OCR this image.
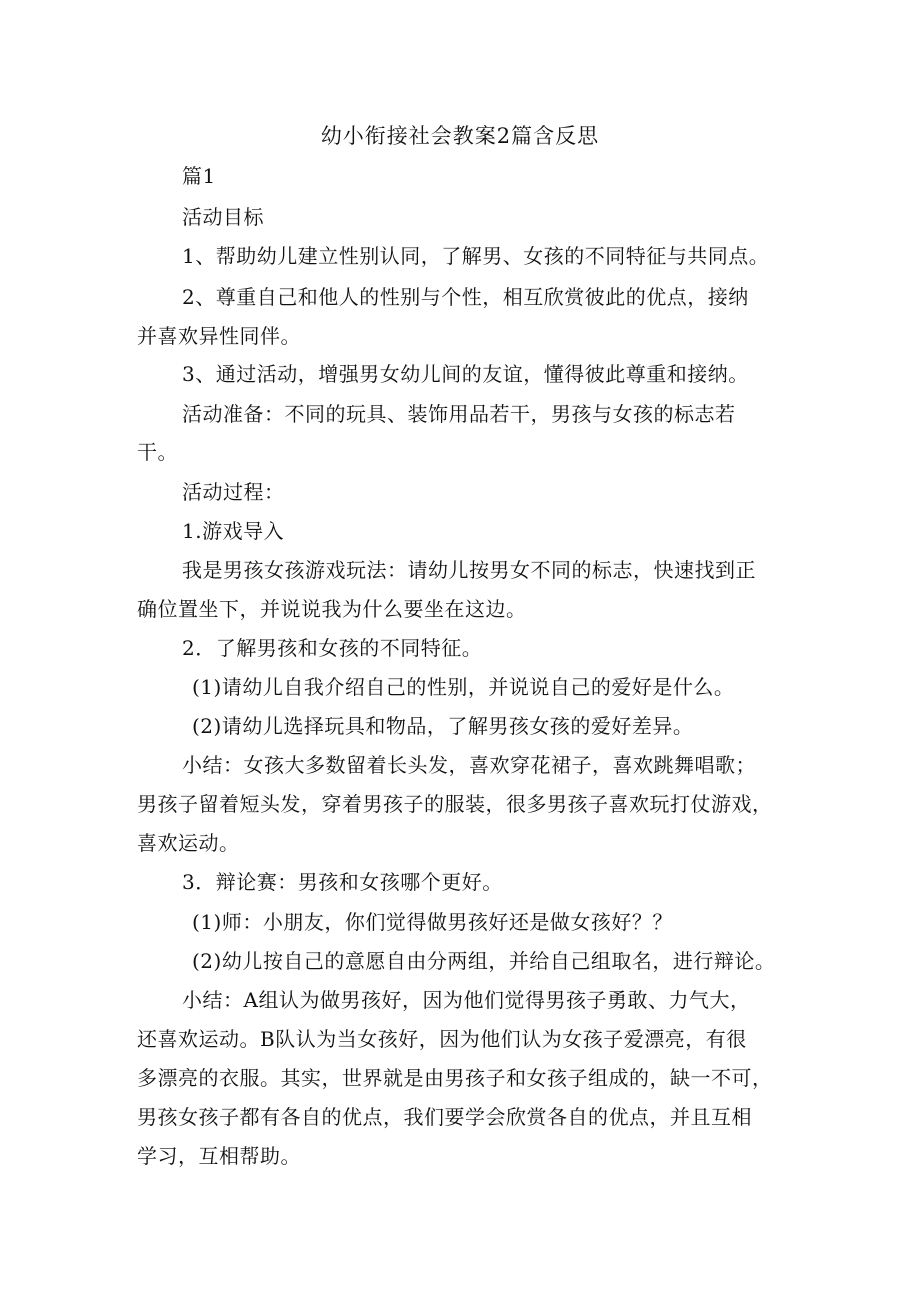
幼小衔接社会教案2篇含反思
篇1
活动目标
1、帮助幼儿建立性别认同，了解男、女孩的不同特征与共同点。
2、尊重自己和他人的性别与个性，相互欣赏彼此的优点，接纳
并喜欢异性同伴。
3、通过活动，增强男女幼儿间的友谊，懂得彼此尊重和接纳。
活动准备：不同的玩具、装饰用品若干，男孩与女孩的标志若
干。
活动过程：
1.游戏导入
我是男孩女孩游戏玩法：请幼儿按男女不同的标志，快速找到正
确位置坐下，并说说我为什么要坐在这边。
2．了解男孩和女孩的不同特征。
(1)请幼儿自我介绍自己的性别，并说说自己的爱好是什么。
(2)请幼儿选择玩具和物品，了解男孩女孩的爱好差异。
小结：女孩大多数留着长头发，喜欢穿花裙子，喜欢跳舞唱歌；
男孩子留着短头发，穿着男孩子的服装，很多男孩子喜欢玩打仗游戏，
喜欢运动。
3．辩论赛：男孩和女孩哪个更好。
(1)师：小朋友，你们觉得做男孩好还是做女孩好？？
(2)幼儿按自己的意愿自由分两组，并给自己组取名，进行辩论。
小结：A组认为做男孩好，因为他们觉得男孩子勇敢、力气大，
还喜欢运动。B队认为当女孩好，因为他们认为女孩子爱漂亮，有很
多漂亮的衣服。其实，世界就是由男孩子和女孩子组成的，缺一不可，
男孩女孩子都有各自的优点，我们要学会欣赏各自的优点，并且互相
学习，互相帮助。
